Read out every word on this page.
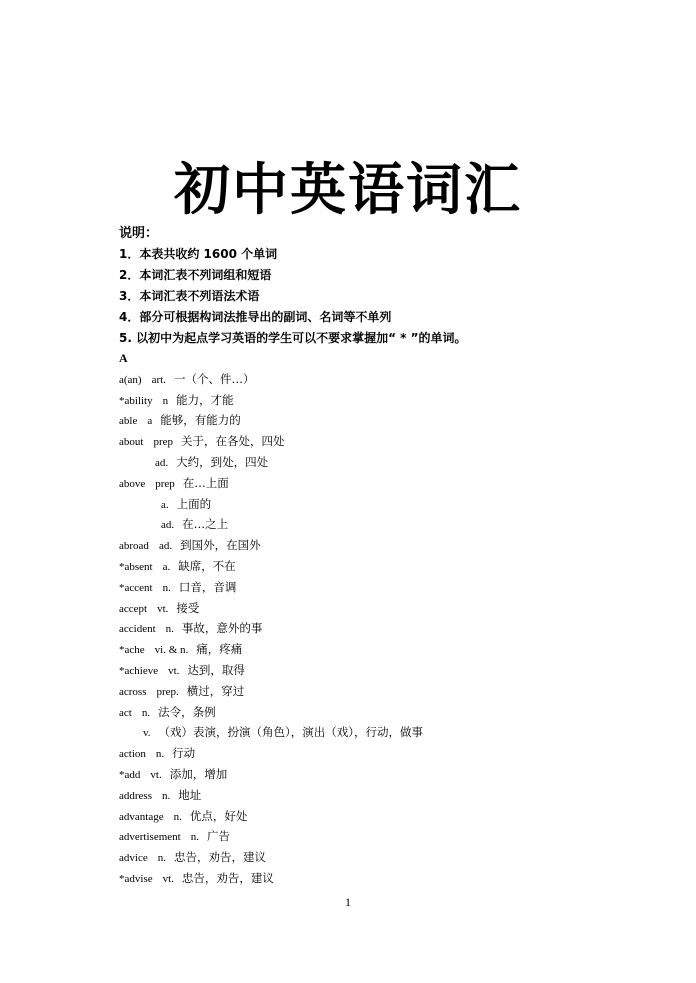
初中英语词汇
说明：
1．本表共收约 1600 个单词
2．本词汇表不列词组和短语
3．本词汇表不列语法术语
4．部分可根据构词法推导出的副词、名词等不单列
5. 以初中为起点学习英语的学生可以不要求掌握加“ * ”的单词。
A
a(an) art. 一（个、件…）
*ability n 能力，才能
able a 能够，有能力的
about prep 关于，在各处，四处
ad. 大约，到处，四处
above prep 在…上面
a. 上面的
ad. 在…之上
abroad ad. 到国外，在国外
*absent a. 缺席，不在
*accent n. 口音，音调
accept vt. 接受
accident n. 事故，意外的事
*ache vi. & n. 痛，疼痛
*achieve vt. 达到，取得
across prep. 横过，穿过
act n. 法令，条例
v. （戏）表演，扮演（角色），演出（戏），行动，做事
action n. 行动
*add vt. 添加，增加
address n. 地址
advantage n. 优点，好处
advertisement n. 广告
advice n. 忠告，劝告，建议
*advise vt. 忠告，劝告，建议
1
